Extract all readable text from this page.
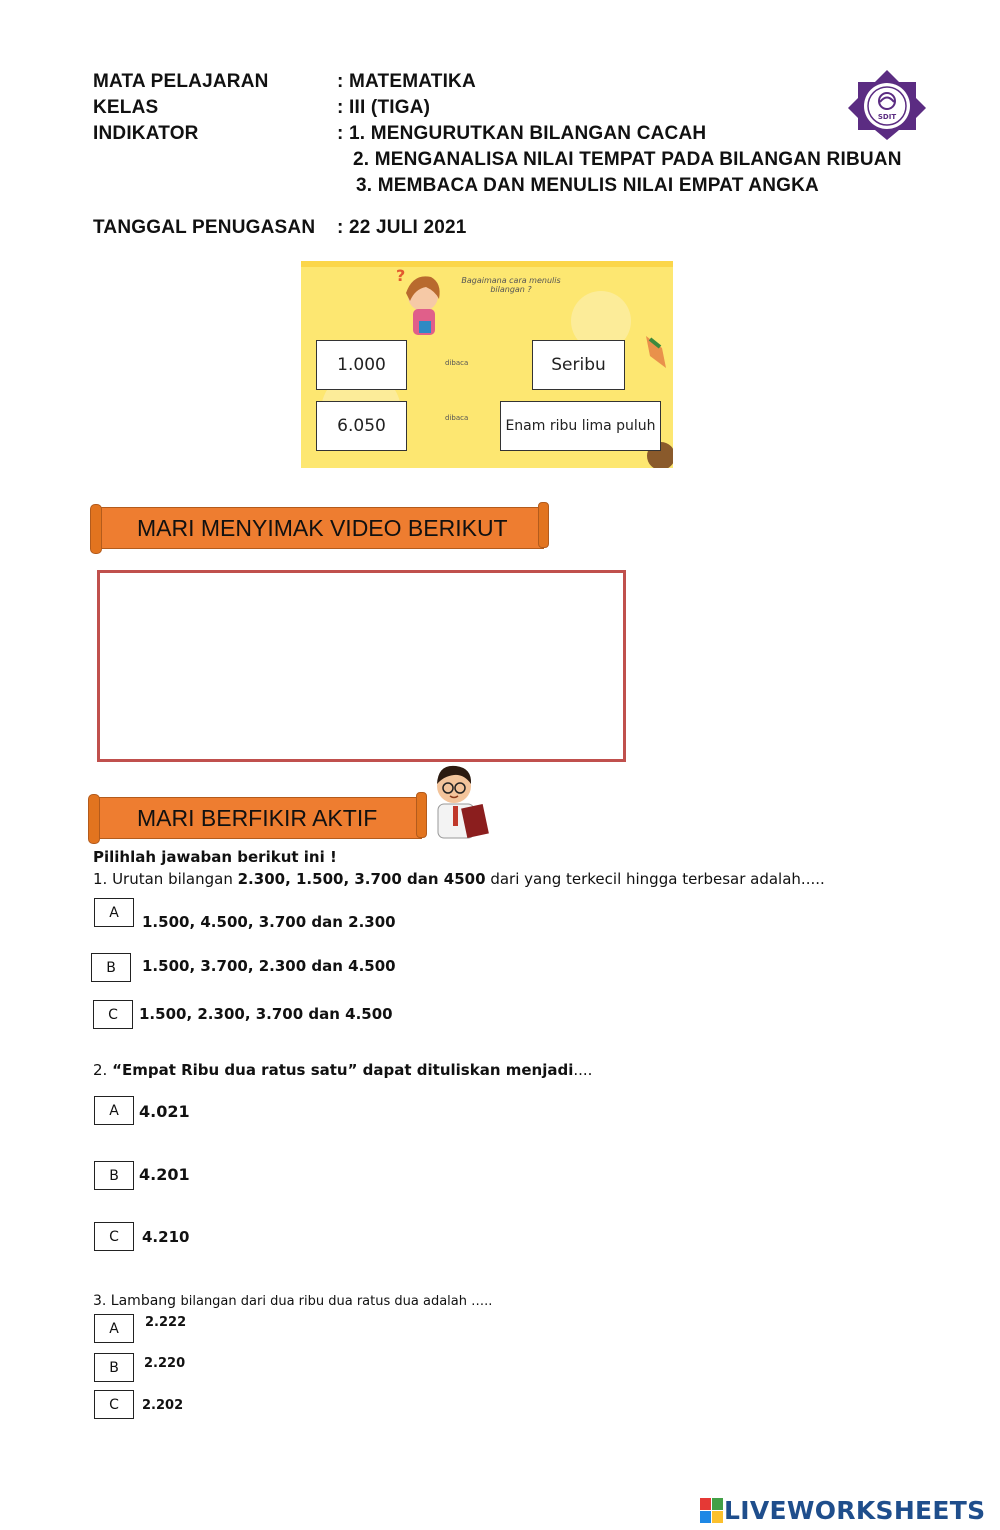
MATA PELAJARAN	: MATEMATIKA
KELAS	: III (TIGA)
INDIKATOR	: 1. MENGURUTKAN BILANGAN CACAH
2. MENGANALISA NILAI TEMPAT PADA BILANGAN RIBUAN
3. MEMBACA DAN MENULIS NILAI EMPAT ANGKA
TANGGAL PENUGASAN : 22 JULI 2021
SDIT
?	Bagaimana cara menulis bilangan ?
1.000	dibaca	Seribu
6.050	dibaca	Enam ribu lima puluh
MARI MENYIMAK VIDEO BERIKUT
MARI BERFIKIR AKTIF
Pilihlah jawaban berikut ini !
1. Urutan bilangan 2.300, 1.500, 3.700 dan 4500 dari yang terkecil hingga terbesar adalah.....
A
1.500, 4.500, 3.700 dan 2.300
B	1.500, 3.700, 2.300 dan 4.500
C	1.500, 2.300, 3.700 dan 4.500
2. “Empat Ribu dua ratus satu” dapat dituliskan menjadi....
A	4.021
B	4.201
C	4.210
3. Lambang bilangan dari dua ribu dua ratus dua adalah …..
A	2.222
B	2.220
C	2.202
LIVEWORKSHEETS
